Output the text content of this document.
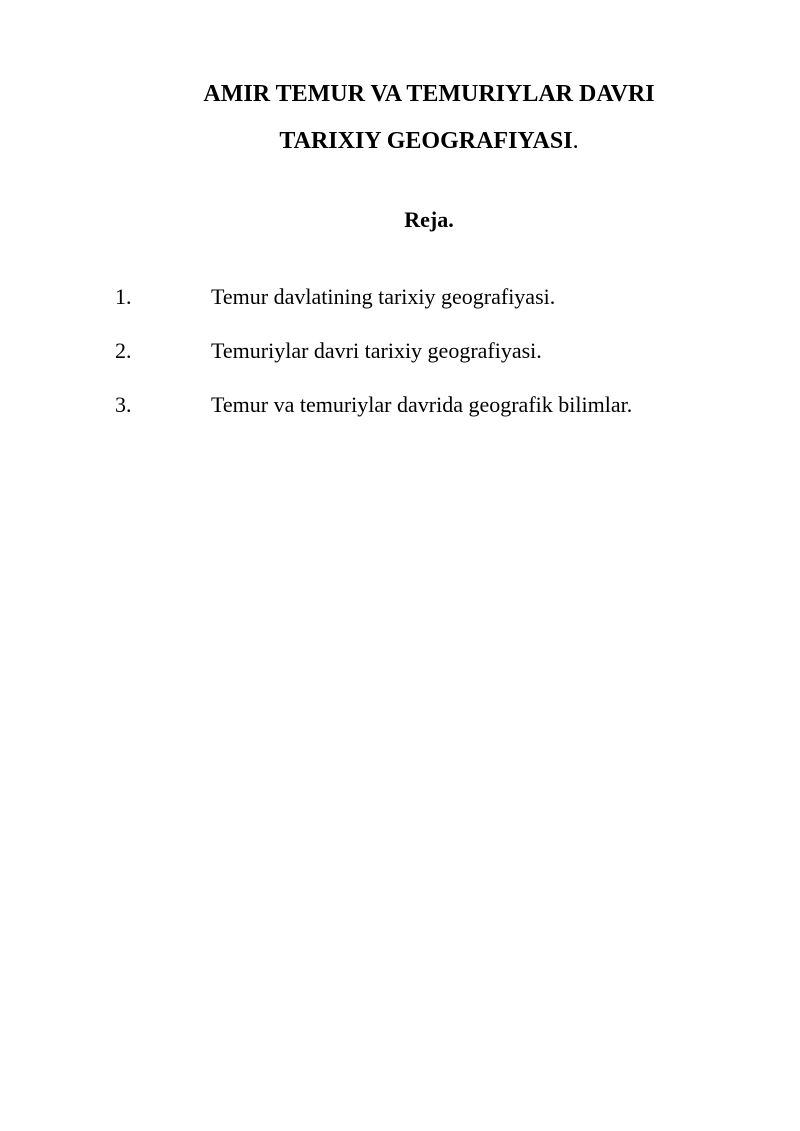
AMIR TEMUR VA TEMURIYLAR DAVRI
TARIXIY GEOGRAFIYASI.
Reja.
1.	Temur davlatining tarixiy geografiyasi.
2.	Temuriylar davri tarixiy geografiyasi.
3.	Temur va temuriylar davrida geografik bilimlar.
